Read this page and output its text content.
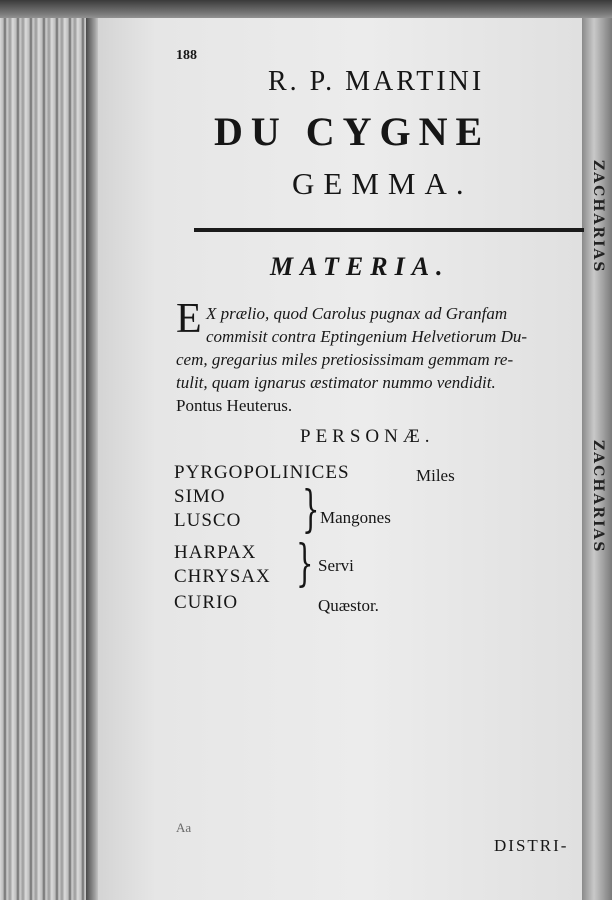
ZACHARIAS
ZACHARIAS
188
R. P. MARTINI
DU CYGNE
GEMMA.
MATERIA.
E X prælio, quod Carolus pugnax ad Granfam
commisit contra Eptingenium Helvetiorum Du-
cem, gregarius miles pretiosissimam gemmam re-
tulit, quam ignarus æstimator nummo vendidit.
Pontus Heuterus.
PERSONÆ.
PYRGOPOLINICES	Miles
SIMO
LUSCO } Mangones
HARPAX
CHRYSAX } Servi
CURIO	Quæstor.
Aa
DISTRI-
